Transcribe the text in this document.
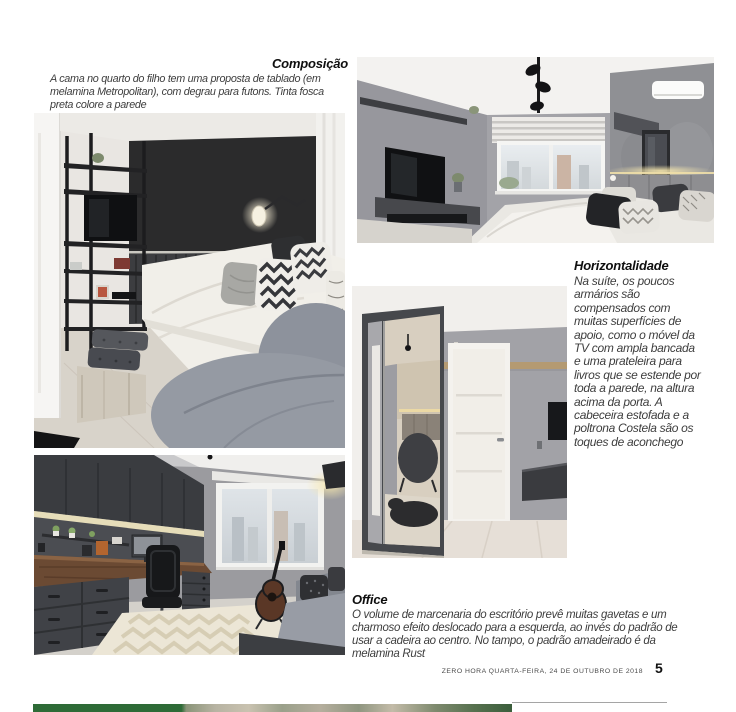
Composição

A cama no quarto do filho tem uma proposta de tablado (em melamina Metropolitan), com degrau para futons. Tinta fosca preta colore a parede

Horizontalidade

Na suíte, os poucos armários são compensados com muitas superfícies de apoio, como o móvel da TV com ampla bancada e uma prateleira para livros que se estende por toda a parede, na altura acima da porta. A cabeceira estofada e a poltrona Costela são os toques de aconchego

Office

O volume de marcenaria do escritório prevê muitas gavetas e um charmoso efeito deslocado para a esquerda, ao invés do padrão de usar a cadeira ao centro. No tampo, o padrão amadeirado é da melamina Rust

ZERO HORA QUARTA-FEIRA, 24 DE OUTUBRO DE 2018 5
